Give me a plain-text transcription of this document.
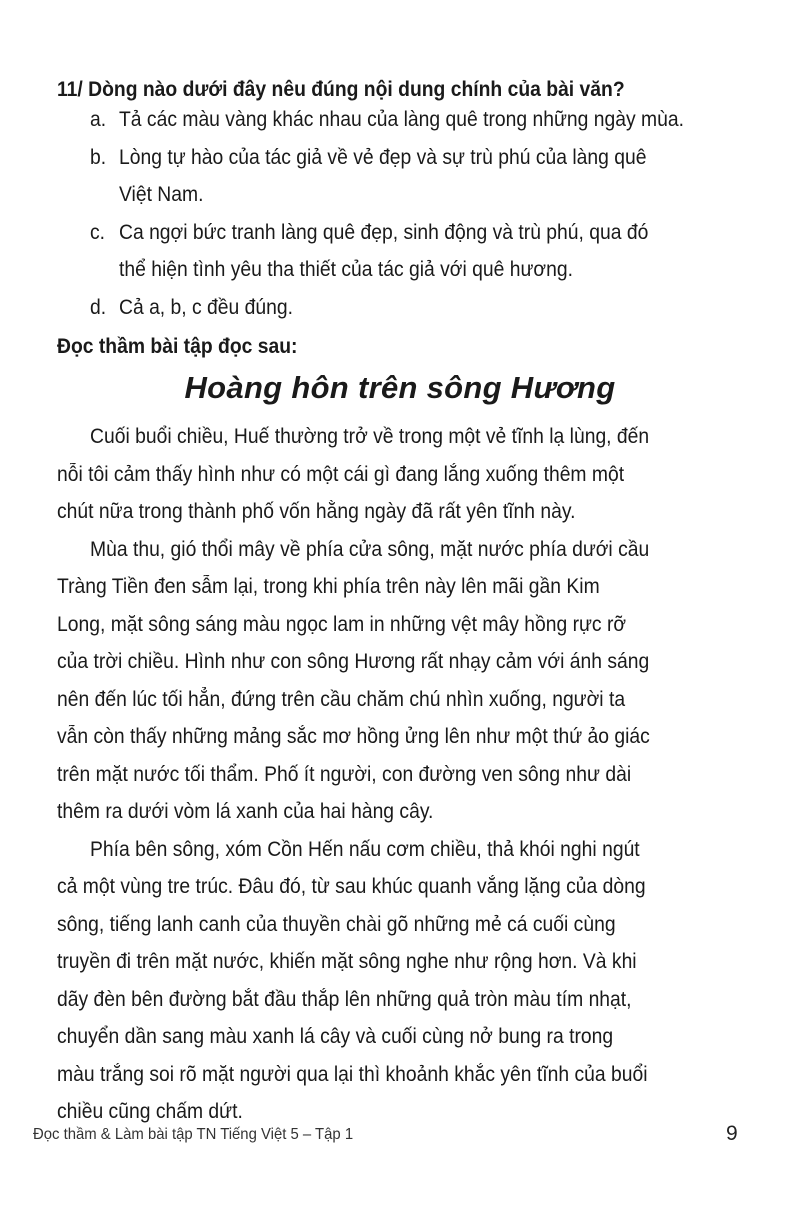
11/ Dòng nào dưới đây nêu đúng nội dung chính của bài văn?
a. Tả các màu vàng khác nhau của làng quê trong những ngày mùa.
b. Lòng tự hào của tác giả về vẻ đẹp và sự trù phú của làng quê
Việt Nam.
c. Ca ngợi bức tranh làng quê đẹp, sinh động và trù phú, qua đó
thể hiện tình yêu tha thiết của tác giả với quê hương.
d. Cả a, b, c đều đúng.
Đọc thầm bài tập đọc sau:
Hoàng hôn trên sông Hương
Cuối buổi chiều, Huế thường trở về trong một vẻ tĩnh lạ lùng, đến
nỗi tôi cảm thấy hình như có một cái gì đang lắng xuống thêm một
chút nữa trong thành phố vốn hằng ngày đã rất yên tĩnh này.
Mùa thu, gió thổi mây về phía cửa sông, mặt nước phía dưới cầu
Tràng Tiền đen sẫm lại, trong khi phía trên này lên mãi gần Kim
Long, mặt sông sáng màu ngọc lam in những vệt mây hồng rực rỡ
của trời chiều. Hình như con sông Hương rất nhạy cảm với ánh sáng
nên đến lúc tối hẳn, đứng trên cầu chăm chú nhìn xuống, người ta
vẫn còn thấy những mảng sắc mơ hồng ửng lên như một thứ ảo giác
trên mặt nước tối thẩm. Phố ít người, con đường ven sông như dài
thêm ra dưới vòm lá xanh của hai hàng cây.
Phía bên sông, xóm Cồn Hến nấu cơm chiều, thả khói nghi ngút
cả một vùng tre trúc. Đâu đó, từ sau khúc quanh vắng lặng của dòng
sông, tiếng lanh canh của thuyền chài gõ những mẻ cá cuối cùng
truyền đi trên mặt nước, khiến mặt sông nghe như rộng hơn. Và khi
dãy đèn bên đường bắt đầu thắp lên những quả tròn màu tím nhạt,
chuyển dần sang màu xanh lá cây và cuối cùng nở bung ra trong
màu trắng soi rõ mặt người qua lại thì khoảnh khắc yên tĩnh của buổi
chiều cũng chấm dứt.
Đọc thầm & Làm bài tập TN Tiếng Việt 5 – Tập 1	9
